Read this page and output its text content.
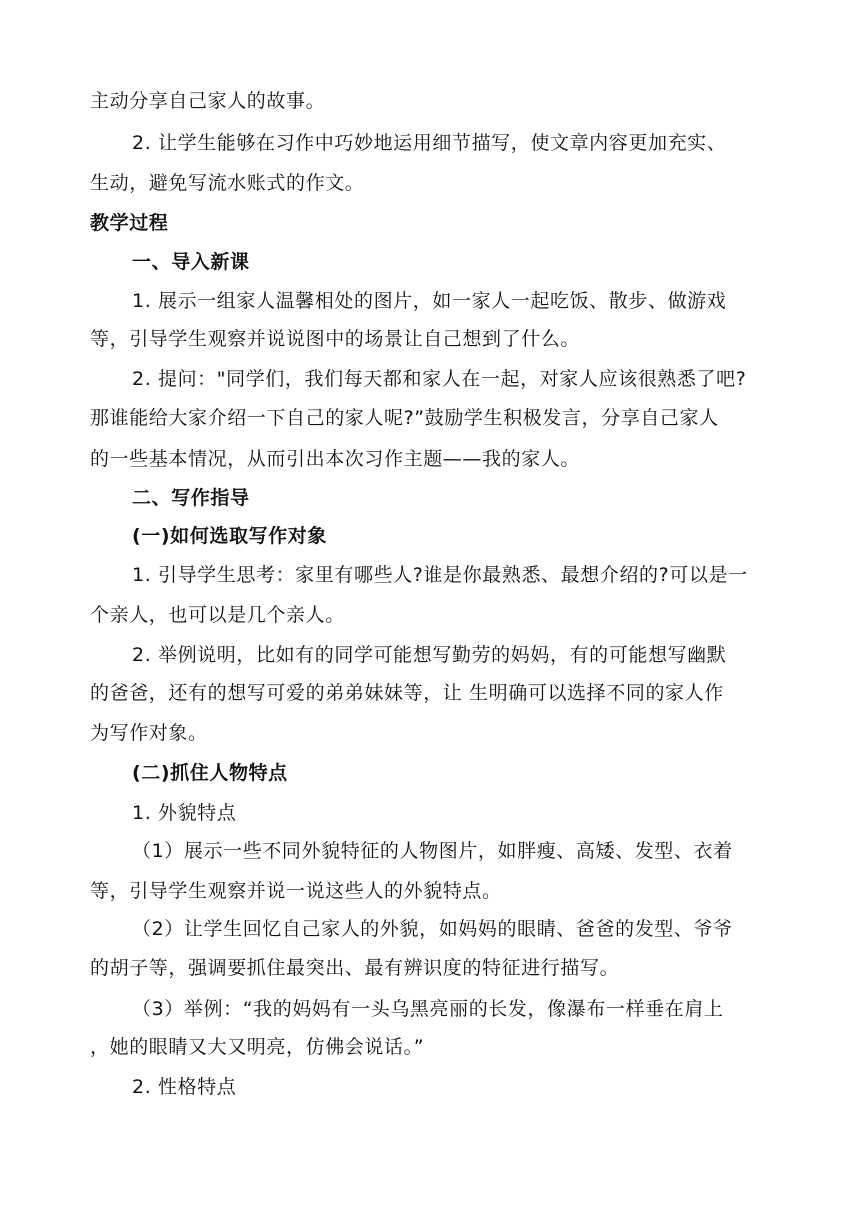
主动分享自己家人的故事。
2. 让学生能够在习作中巧妙地运用细节描写，使文章内容更加充实、
生动，避免写流水账式的作文。
教学过程
一、导入新课
1. 展示一组家人温馨相处的图片，如一家人一起吃饭、散步、做游戏
等，引导学生观察并说说图中的场景让自己想到了什么。
2. 提问："同学们，我们每天都和家人在一起，对家人应该很熟悉了吧?
那谁能给大家介绍一下自己的家人呢?”鼓励学生积极发言，分享自己家人
的一些基本情况，从而引出本次习作主题——我的家人。
二、写作指导
(一)如何选取写作对象
1. 引导学生思考：家里有哪些人?谁是你最熟悉、最想介绍的?可以是一
个亲人，也可以是几个亲人。
2. 举例说明，比如有的同学可能想写勤劳的妈妈，有的可能想写幽默
的爸爸，还有的想写可爱的弟弟妹妹等，让 生明确可以选择不同的家人作
为写作对象。
(二)抓住人物特点
1. 外貌特点
（1）展示一些不同外貌特征的人物图片，如胖瘦、高矮、发型、衣着
等，引导学生观察并说一说这些人的外貌特点。
（2）让学生回忆自己家人的外貌，如妈妈的眼睛、爸爸的发型、爷爷
的胡子等，强调要抓住最突出、最有辨识度的特征进行描写。
（3）举例：“我的妈妈有一头乌黑亮丽的长发，像瀑布一样垂在肩上
，她的眼睛又大又明亮，仿佛会说话。”
2. 性格特点
